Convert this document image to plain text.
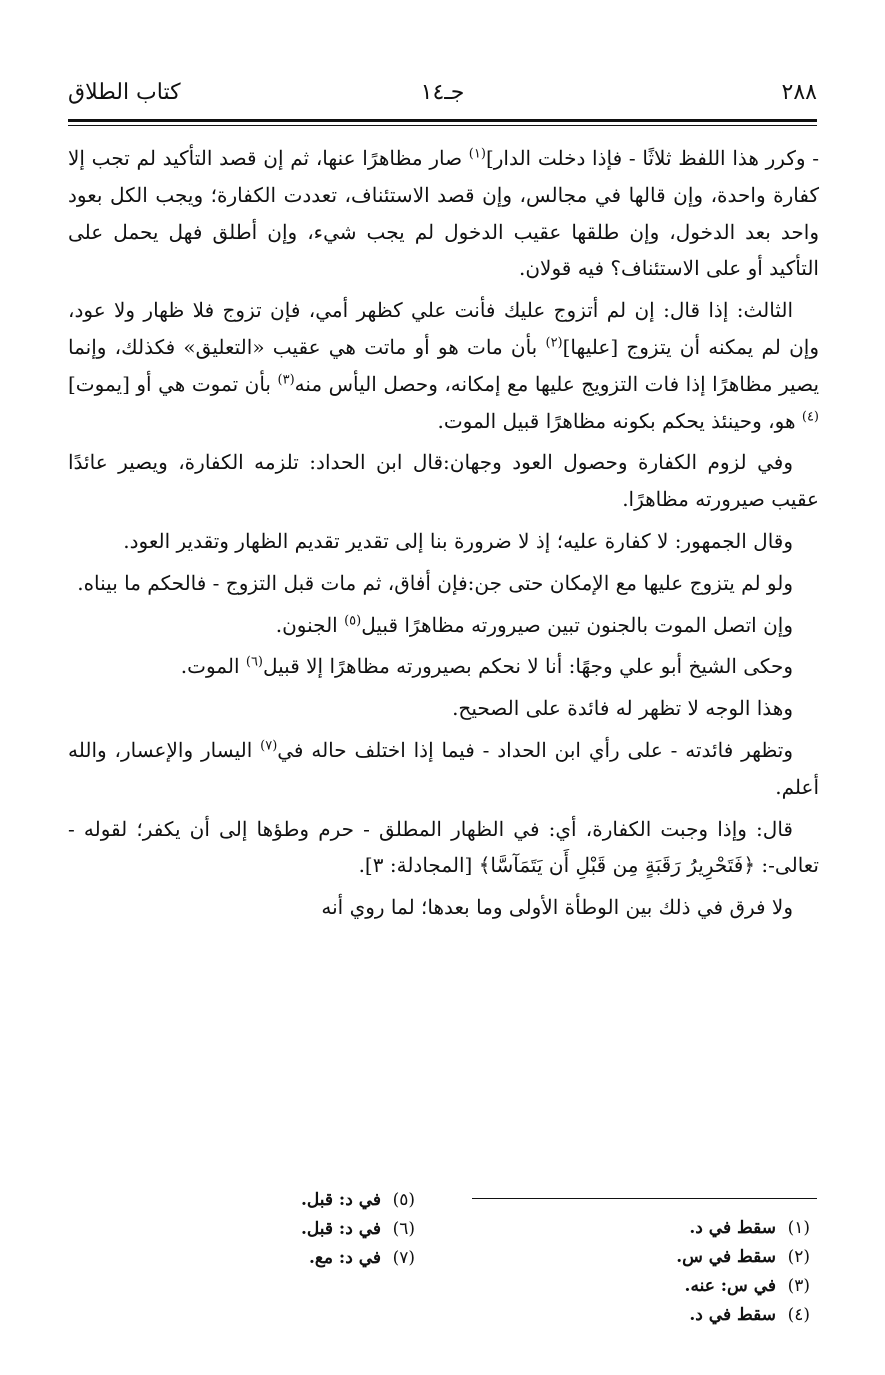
٢٨٨
جـ١٤
كتاب الطلاق

- وكرر هذا اللفظ ثلاثًا - فإذا دخلت الدار]$^{(١)}$ صار مظاهرًا عنها، ثم إن قصد التأكيد لم تجب إلا كفارة واحدة، وإن قالها في مجالس، وإن قصد الاستئناف، تعددت الكفارة؛ ويجب الكل بعود واحد بعد الدخول، وإن طلقها عقيب الدخول لم يجب شيء، وإن أطلق فهل يحمل على التأكيد أو على الاستئناف؟ فيه قولان.

الثالث: إذا قال: إن لم أتزوج عليك فأنت علي كظهر أمي، فإن تزوج فلا ظهار ولا عود، وإن لم يمكنه أن يتزوج [عليها]$^{(٢)}$ بأن مات هو أو ماتت هي عقيب «التعليق» فكذلك، وإنما يصير مظاهرًا إذا فات التزويج عليها مع إمكانه، وحصل اليأس منه$^{(٣)}$ بأن تموت هي أو [يموت]$^{(٤)}$ هو، وحينئذ يحكم بكونه مظاهرًا قبيل الموت.

وفي لزوم الكفارة وحصول العود وجهان:قال ابن الحداد: تلزمه الكفارة، ويصير عائدًا عقيب صيرورته مظاهرًا.

وقال الجمهور: لا كفارة عليه؛ إذ لا ضرورة بنا إلى تقدير تقديم الظهار وتقدير العود.

ولو لم يتزوج عليها مع الإمكان حتى جن:فإن أفاق، ثم مات قبل التزوج - فالحكم ما بيناه.

وإن اتصل الموت بالجنون تبين صيرورته مظاهرًا قبيل$^{(٥)}$ الجنون.

وحكى الشيخ أبو علي وجهًا: أنا لا نحكم بصيرورته مظاهرًا إلا قبيل$^{(٦)}$ الموت.

وهذا الوجه لا تظهر له فائدة على الصحيح.

وتظهر فائدته - على رأي ابن الحداد - فيما إذا اختلف حاله في$^{(٧)}$ اليسار والإعسار، والله أعلم.

قال: وإذا وجبت الكفارة، أي: في الظهار المطلق - حرم وطؤها إلى أن يكفر؛ لقوله - تعالى-: ﴿فَتَحْرِيرُ رَقَبَةٍ مِن قَبْلِ أَن يَتَمَآسَّا﴾ [المجادلة: ٣].

ولا فرق في ذلك بين الوطأة الأولى وما بعدها؛ لما روي أنه

(١)سقط في د.
(٢)سقط في س.
(٣)في س: عنه.
(٤)سقط في د.
(٥)في د: قبل.
(٦)في د: قبل.
(٧)في د: مع.
